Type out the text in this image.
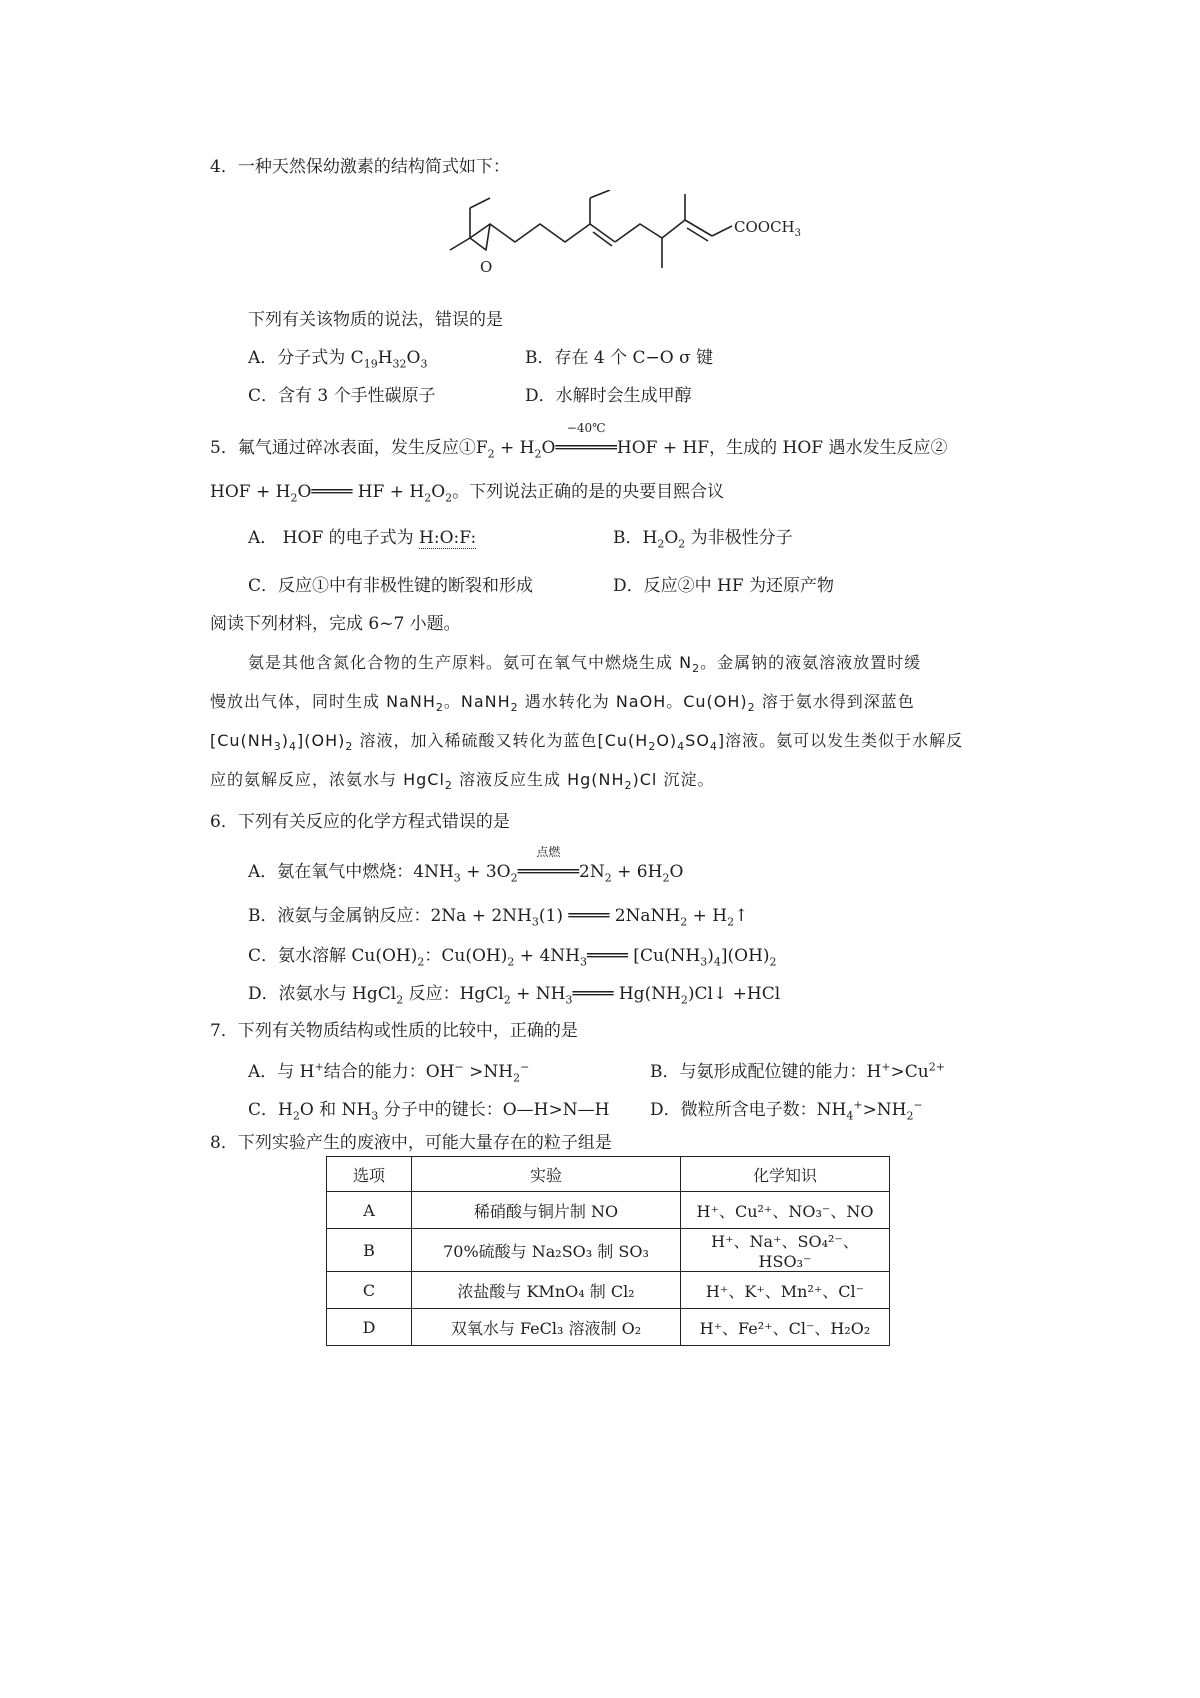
4．一种天然保幼激素的结构简式如下：
O
$COOCH_3$
下列有关该物质的说法，错误的是
A．分子式为 $C_{19}H_{32}O_3$	B．存在 4 个 C−O σ 键
C．含有 3 个手性碳原子	D．水解时会生成甲醇
5．氟气通过碎冰表面，发生反应$①F_2 + H_2O$
−40℃
══════HOF + HF，生成的 HOF 遇水发生反应②
HOF + $H_2O════$ HF + $H_2O_2$。下列说法正确的是的央要目熙合议
A． HOF 的电子式为 H:O:F:	B．$H_2O_2$ 为非极性分子
C．反应①中有非极性键的断裂和形成	D．反应②中 HF 为还原产物
阅读下列材料，完成 6~7 小题。
氨是其他含氮化合物的生产原料。氨可在氧气中燃烧生成 $N_2$。金属钠的液氨溶液放置时缓
慢放出气体，同时生成 NaNH$_2$。NaNH$_2$ 遇水转化为 NaOH。$Cu(OH)_2$ 溶于氨水得到深蓝色
$[Cu(NH_3)_4](OH)_2$ 溶液，加入稀硫酸又转化为蓝色$[Cu(H_2O)_4SO_4]$溶液。氨可以发生类似于水解反
应的氨解反应，浓氨水与 HgCl$_2$ 溶液反应生成 $Hg(NH_2)Cl$ 沉淀。
6．下列有关反应的化学方程式错误的是
A．氨在氧气中燃烧：$4NH_3 + 3O_2$
点燃
$══════2N_2 + 6H_2O$
B．液氨与金属钠反应：$2Na + 2NH_3(1)$ ════ 2NaNH$_2$ + $H_2↑$
C．氨水溶解 $Cu(OH)_2$：$Cu(OH)_2$ + $4NH_3════$ $[Cu(NH_3)_4](OH)_2$
D．浓氨水与 HgCl$_2$ 反应：HgCl$_2$ + $NH_3════$ $Hg(NH_2)Cl↓ +HCl$
7．下列有关物质结构或性质的比较中，正确的是
A．与 H+结合的能力：$OH^- >NH_2^-$	B．与氨形成配位键的能力：$H^+>Cu^{2+}$
C．$H_2O$ 和 $NH_3$ 分子中的键长：O—H>N—H D．微粒所含电子数：$NH_4^+>NH_2^-$
8．下列实验产生的废液中，可能大量存在的粒子组是
选项	实验	化学知识
A	稀硝酸与铜片制 NO	H⁺、Cu²⁺、NO₃⁻、NO
B	70%硫酸与 Na₂SO₃ 制 SO₃	H⁺、Na⁺、SO₄²⁻、HSO₃⁻
C	浓盐酸与 KMnO₄ 制 Cl₂	H⁺、K⁺、Mn²⁺、Cl⁻
D	双氧水与 FeCl₃ 溶液制 O₂	H⁺、Fe²⁺、Cl⁻、H₂O₂
